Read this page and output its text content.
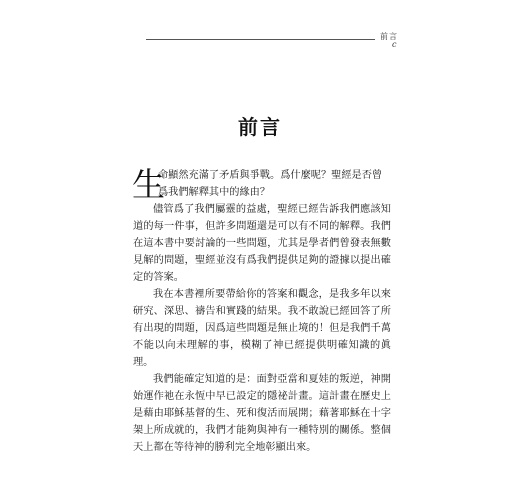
前言
c
前言

生
命顯然充滿了矛盾與爭戰。爲什麼呢？聖經是否曾爲我們解釋其中的緣由？

儘管爲了我們屬靈的益處，聖經已經告訴我們應該知道的每一件事，但許多問題還是可以有不同的解釋。我們在這本書中要討論的一些問題，尤其是學者們曾發表無數見解的問題，聖經並沒有爲我們提供足夠的證據以提出確定的答案。

我在本書裡所要帶給你的答案和觀念，是我多年以來研究、深思、禱告和實踐的結果。我不敢說已經回答了所有出現的問題，因爲這些問題是無止境的！但是我們千萬不能以向未理解的事，模糊了神已經提供明確知識的眞理。

我們能確定知道的是：面對亞當和夏娃的叛逆，神開始運作祂在永恆中早已設定的隱祕計畫。這計畫在歷史上是藉由耶穌基督的生、死和復活而展開；藉著耶穌在十字架上所成就的，我們才能夠與神有一種特別的關係。整個天上都在等待神的勝利完全地彰顯出來。
